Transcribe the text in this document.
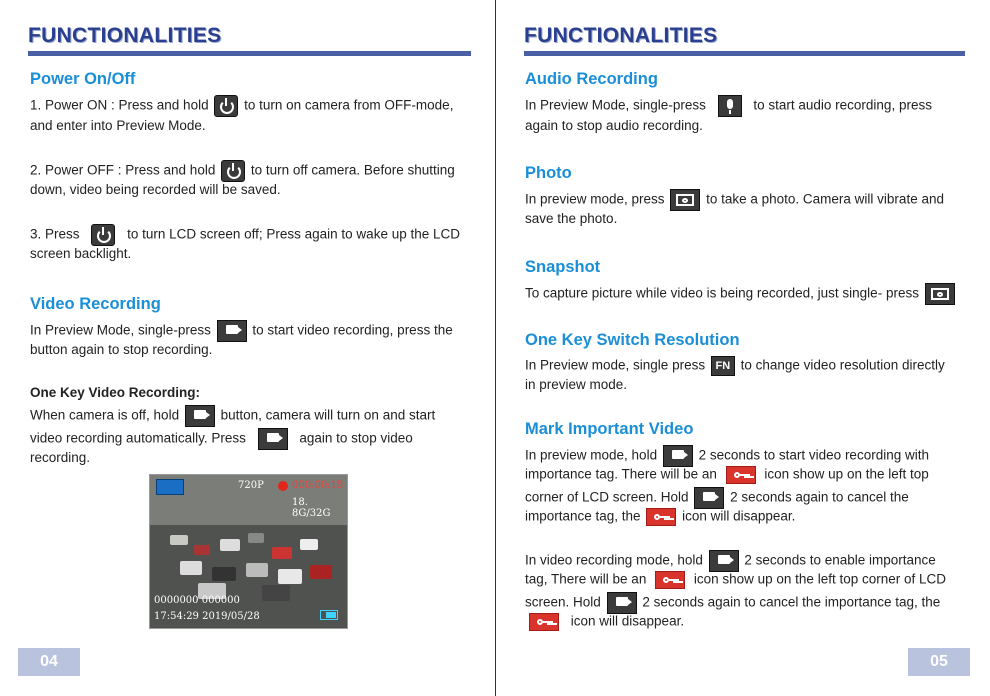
FUNCTIONALITIES
Power On/Off
1. Power ON : Press and hold	to turn on camera from OFF-mode,
and enter into Preview Mode.
2. Power OFF : Press and hold	to turn off camera. Before shutting
down, video being recorded will be saved.
3. Press	to turn LCD screen off; Press again to wake up the LCD
screen backlight.
Video Recording
In Preview Mode, single-press	to start video recording, press the
button again to stop recording.
One Key Video Recording:
When camera is off, hold	button, camera will turn on and start
video recording automatically. Press	again to stop video
recording.
720P	000:00:15
18. 8G/32G
0000000 000000
17:54:29 2019/05/28
04
FUNCTIONALITIES
Audio Recording
In Preview Mode, single-press	to start audio recording, press
again to stop audio recording.
Photo
In preview mode, press	to take a photo. Camera will vibrate and
save the photo.
Snapshot
To capture picture while video is being recorded, just single- press
One Key Switch Resolution
In Preview mode, single press FN to change video resolution directly
in preview mode.
Mark Important Video
In preview mode, hold	2 seconds to start video recording with
importance tag. There will be an	icon show up on the left top
corner of LCD screen. Hold	2 seconds again to cancel the
importance tag, the	icon will disappear.
In video recording mode, hold	2 seconds to enable importance
tag, There will be an	icon show up on the left top corner of LCD
screen. Hold	2 seconds again to cancel the importance tag, the
icon will disappear.
05
